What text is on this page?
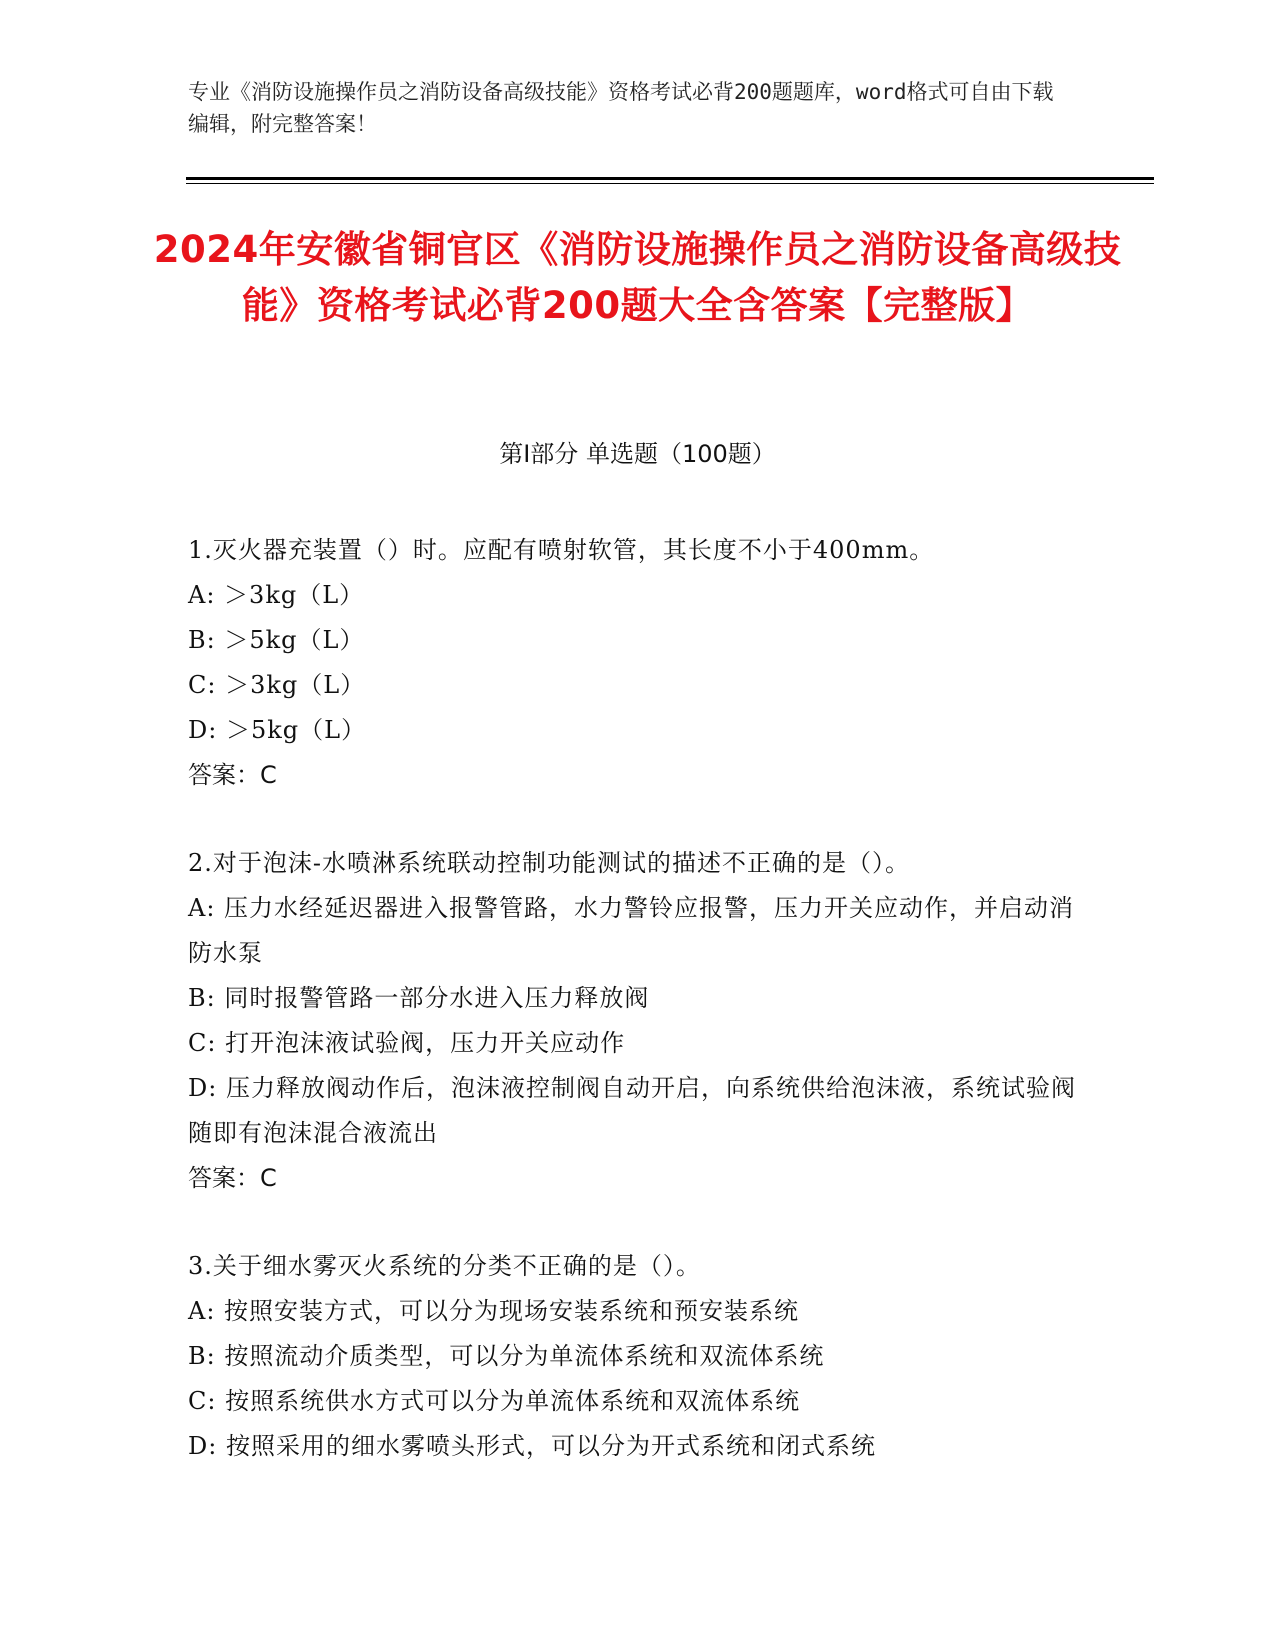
专业《消防设施操作员之消防设备高级技能》资格考试必背200题题库，word格式可自由下载编辑，附完整答案！
2024年安徽省铜官区《消防设施操作员之消防设备高级技能》资格考试必背200题大全含答案【完整版】
第I部分 单选题（100题）
1.灭火器充装置（）时。应配有喷射软管，其长度不小于400mm。
A: ＞3kg（L）
B: ＞5kg（L）
C: ＞3kg（L）
D: ＞5kg（L）
答案：C
2.对于泡沫-水喷淋系统联动控制功能测试的描述不正确的是（）。
A: 压力水经延迟器进入报警管路，水力警铃应报警，压力开关应动作，并启动消防水泵
B: 同时报警管路一部分水进入压力释放阀
C: 打开泡沫液试验阀，压力开关应动作
D: 压力释放阀动作后，泡沫液控制阀自动开启，向系统供给泡沫液，系统试验阀随即有泡沫混合液流出
答案：C
3.关于细水雾灭火系统的分类不正确的是（）。
A: 按照安装方式，可以分为现场安装系统和预安装系统
B: 按照流动介质类型，可以分为单流体系统和双流体系统
C: 按照系统供水方式可以分为单流体系统和双流体系统
D: 按照采用的细水雾喷头形式，可以分为开式系统和闭式系统
